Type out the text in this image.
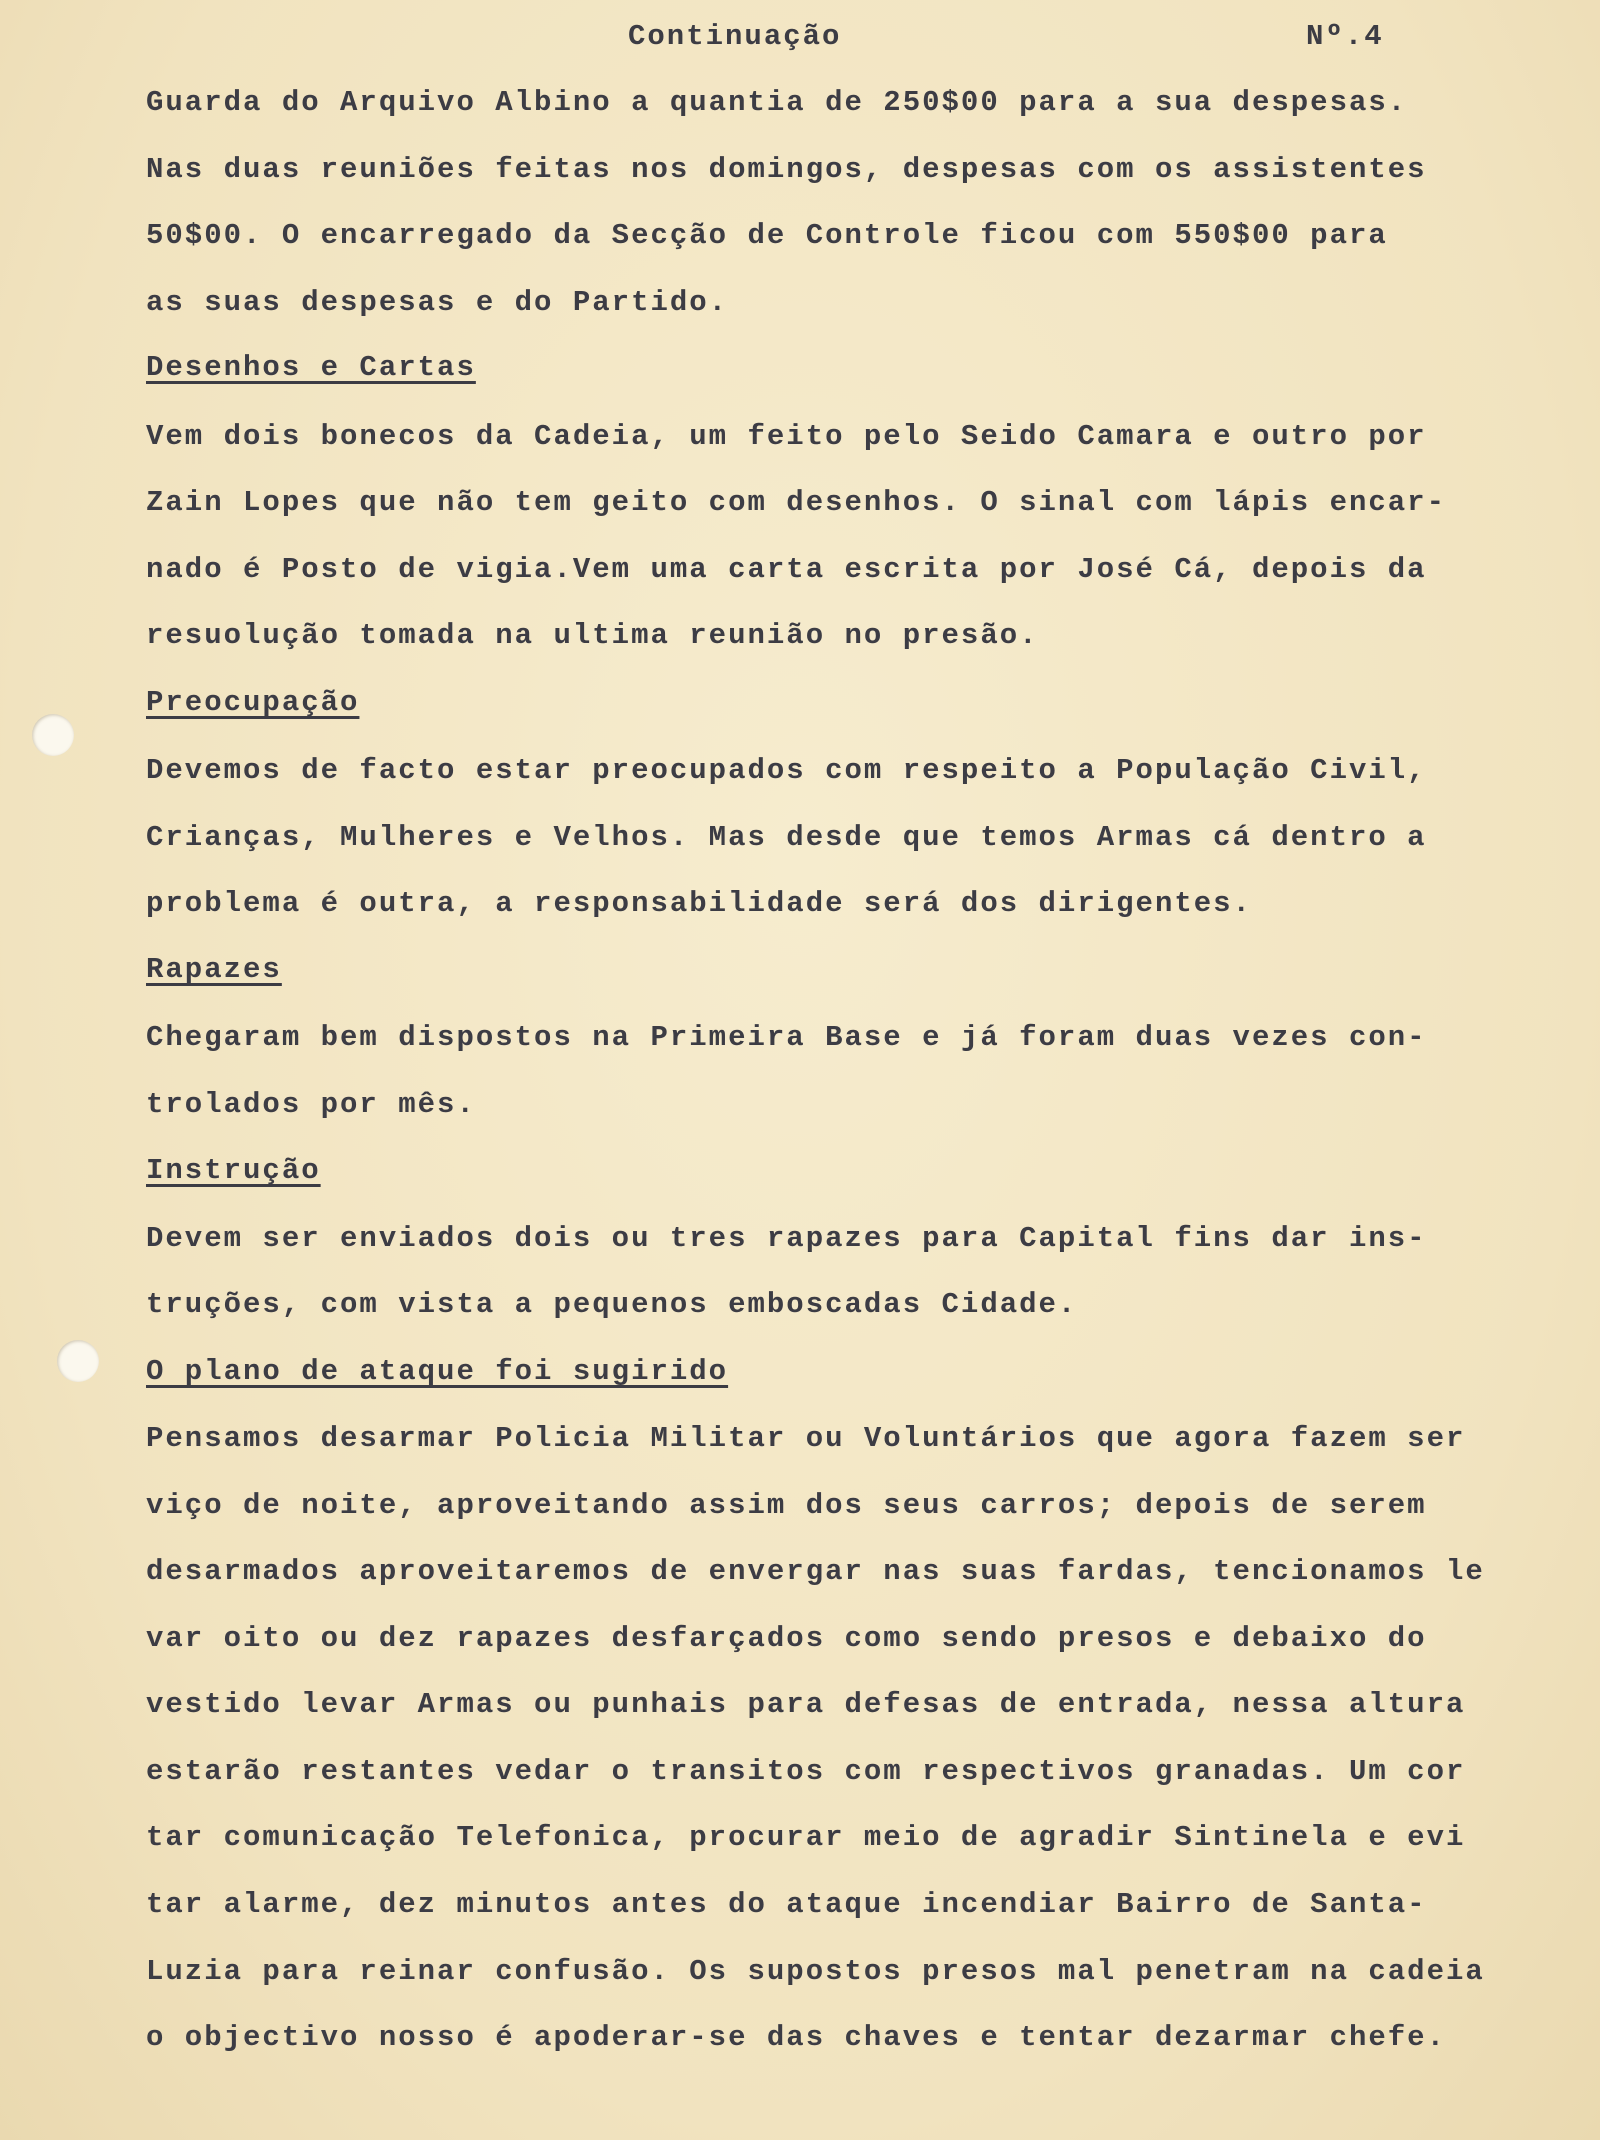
Continuação	Nº.4
Guarda do Arquivo Albino a quantia de 250$00 para a sua despesas.
Nas duas reuniões feitas nos domingos, despesas com os assistentes
50$00. O encarregado da Secção de Controle ficou com 550$00 para
as suas despesas e do Partido.
Desenhos e Cartas
Vem dois bonecos da Cadeia, um feito pelo Seido Camara e outro por
Zain Lopes que não tem geito com desenhos. O sinal com lápis encar-
nado é Posto de vigia.Vem uma carta escrita por José Cá, depois da
resuolução tomada na ultima reunião no presão.
Preocupação
Devemos de facto estar preocupados com respeito a População Civil,
Crianças, Mulheres e Velhos. Mas desde que temos Armas cá dentro a
problema é outra, a responsabilidade será dos dirigentes.
Rapazes
Chegaram bem dispostos na Primeira Base e já foram duas vezes con-
trolados por mês.
Instrução
Devem ser enviados dois ou tres rapazes para Capital fins dar ins-
truções, com vista a pequenos emboscadas Cidade.
O plano de ataque foi sugirido
Pensamos desarmar Policia Militar ou Voluntários que agora fazem ser
viço de noite, aproveitando assim dos seus carros; depois de serem
desarmados aproveitaremos de envergar nas suas fardas, tencionamos le
var oito ou dez rapazes desfarçados como sendo presos e debaixo do
vestido levar Armas ou punhais para defesas de entrada, nessa altura
estarão restantes vedar o transitos com respectivos granadas. Um cor
tar comunicação Telefonica, procurar meio de agradir Sintinela e evi
tar alarme, dez minutos antes do ataque incendiar Bairro de Santa-
Luzia para reinar confusão. Os supostos presos mal penetram na cadeia
o objectivo nosso é apoderar-se das chaves e tentar dezarmar chefe.
